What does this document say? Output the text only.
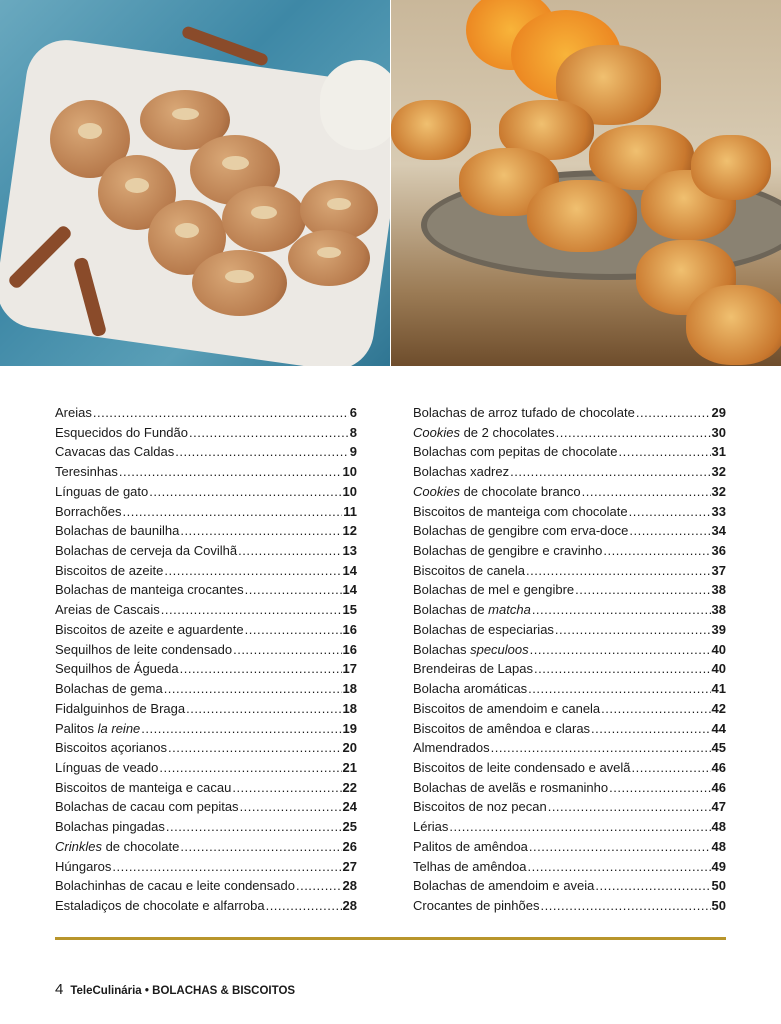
Areias .....	6
Esquecidos do Fundão .....	8
Cavacas das Caldas .....	9
Teresinhas .....	10
Línguas de gato .....	10
Borrachões .....	11
Bolachas de baunilha .....	12
Bolachas de cerveja da Covilhã .....	13
Biscoitos de azeite .....	14
Bolachas de manteiga crocantes .....	14
Areias de Cascais .....	15
Biscoitos de azeite e aguardente .....	16
Sequilhos de leite condensado .....	16
Sequilhos de Águeda .....	17
Bolachas de gema .....	18
Fidalguinhos de Braga .....	18
Palitos la reine .....	19
Biscoitos açorianos .....	20
Línguas de veado .....	21
Biscoitos de manteiga e cacau .....	22
Bolachas de cacau com pepitas .....	24
Bolachas pingadas .....	25
Crinkles de chocolate .....	26
Húngaros .....	27
Bolachinhas de cacau e leite condensado .....	28
Estaladiços de chocolate e alfarroba .....	28
Bolachas de arroz tufado de chocolate .....	29
Cookies de 2 chocolates .....	30
Bolachas com pepitas de chocolate .....	31
Bolachas xadrez .....	32
Cookies de chocolate branco .....	32
Biscoitos de manteiga com chocolate .....	33
Bolachas de gengibre com erva-doce .....	34
Bolachas de gengibre e cravinho .....	36
Biscoitos de canela .....	37
Bolachas de mel e gengibre .....	38
Bolachas de matcha .....	38
Bolachas de especiarias .....	39
Bolachas speculoos .....	40
Brendeiras de Lapas .....	40
Bolacha aromáticas .....	41
Biscoitos de amendoim e canela .....	42
Biscoitos de amêndoa e claras .....	44
Almendrados .....	45
Biscoitos de leite condensado e avelã .....	46
Bolachas de avelãs e rosmaninho .....	46
Biscoitos de noz pecan .....	47
Lérias .....	48
Palitos de amêndoa .....	48
Telhas de amêndoa .....	49
Bolachas de amendoim e aveia .....	50
Crocantes de pinhões .....	50
4 TeleCulinária • BOLACHAS & BISCOITOS
